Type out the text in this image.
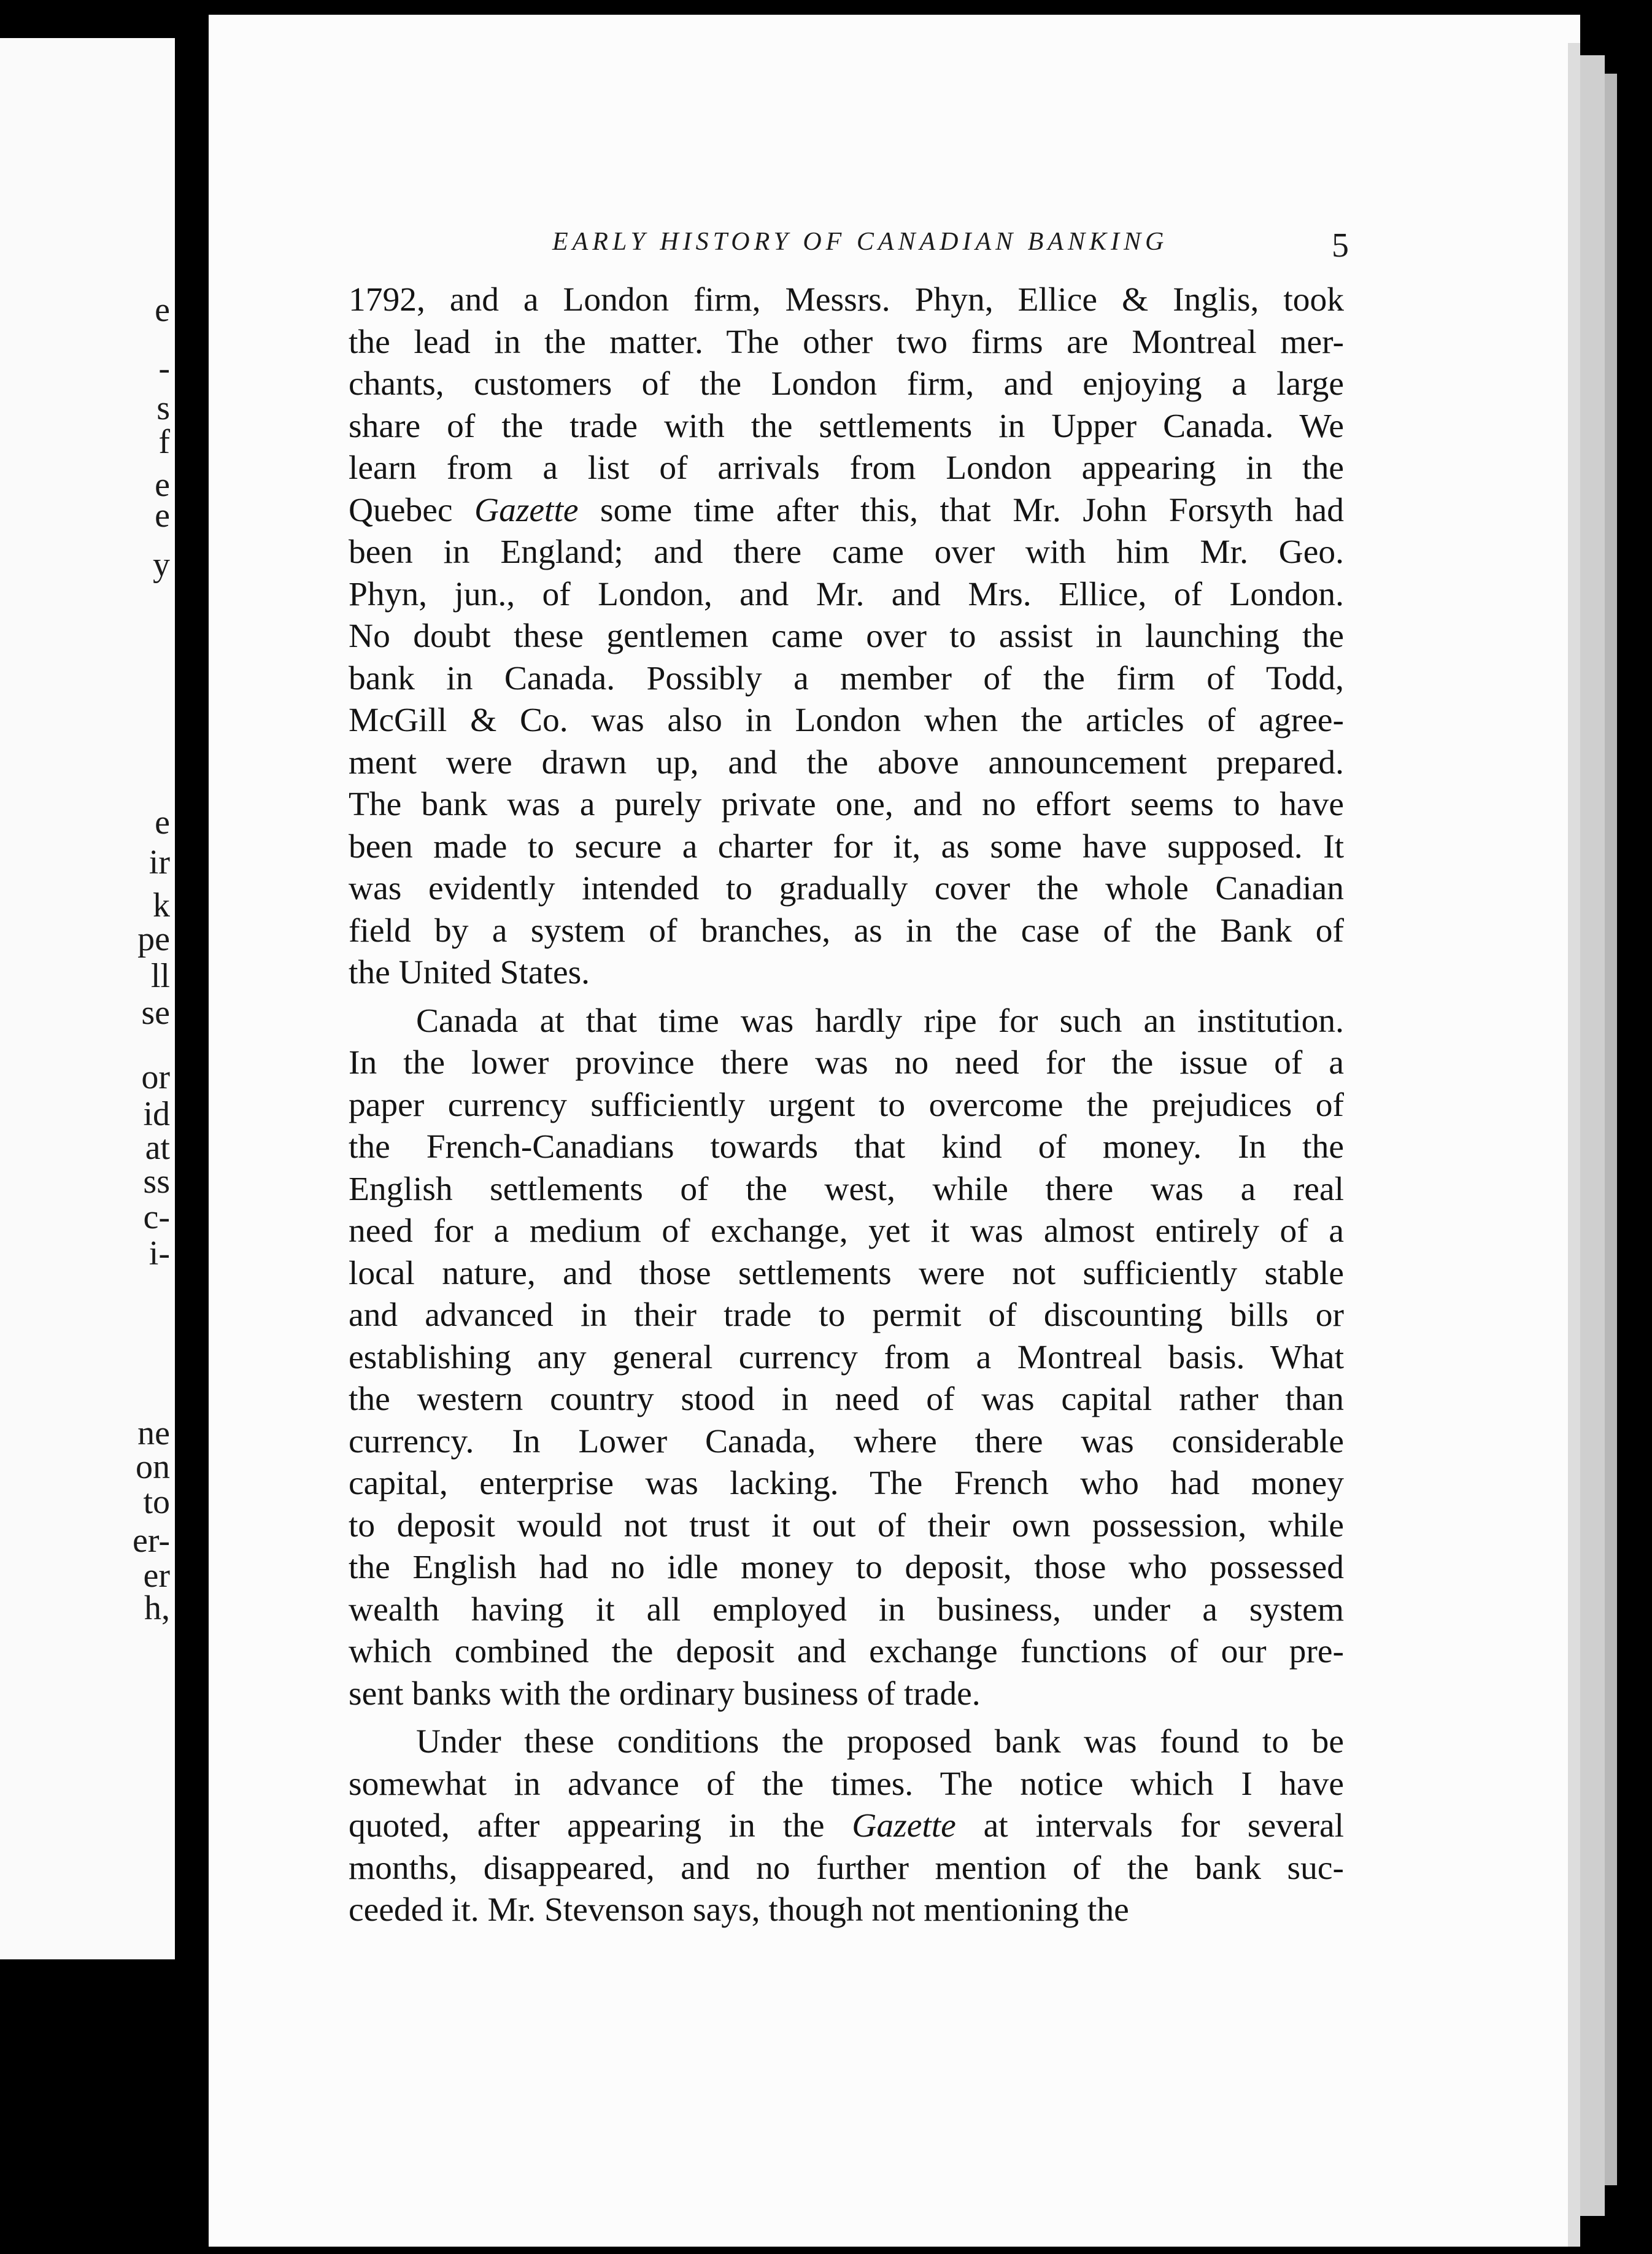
e
-
s
f
e
e
y
e
ir
k
pe
ll
se
or
id
at
ss
c-
i-
ne
on
to
er-
er
h,
EARLY HISTORY OF CANADIAN BANKING	5
1792, and a London firm, Messrs. Phyn, Ellice & Inglis, took
the lead in the matter. The other two firms are Montreal mer-
chants, customers of the London firm, and enjoying a large
share of the trade with the settlements in Upper Canada. We
learn from a list of arrivals from London appearing in the
Quebec Gazette some time after this, that Mr. John Forsyth had
been in England; and there came over with him Mr. Geo.
Phyn, jun., of London, and Mr. and Mrs. Ellice, of London.
No doubt these gentlemen came over to assist in launching the
bank in Canada. Possibly a member of the firm of Todd,
McGill & Co. was also in London when the articles of agree-
ment were drawn up, and the above announcement prepared.
The bank was a purely private one, and no effort seems to have
been made to secure a charter for it, as some have supposed. It
was evidently intended to gradually cover the whole Canadian
field by a system of branches, as in the case of the Bank of
the United States.
Canada at that time was hardly ripe for such an institution.
In the lower province there was no need for the issue of a
paper currency sufficiently urgent to overcome the prejudices of
the French-Canadians towards that kind of money. In the
English settlements of the west, while there was a real
need for a medium of exchange, yet it was almost entirely of a
local nature, and those settlements were not sufficiently stable
and advanced in their trade to permit of discounting bills or
establishing any general currency from a Montreal basis. What
the western country stood in need of was capital rather than
currency. In Lower Canada, where there was considerable
capital, enterprise was lacking. The French who had money
to deposit would not trust it out of their own possession, while
the English had no idle money to deposit, those who possessed
wealth having it all employed in business, under a system
which combined the deposit and exchange functions of our pre-
sent banks with the ordinary business of trade.
Under these conditions the proposed bank was found to be
somewhat in advance of the times. The notice which I have
quoted, after appearing in the Gazette at intervals for several
months, disappeared, and no further mention of the bank suc-
ceeded it. Mr. Stevenson says, though not mentioning the
